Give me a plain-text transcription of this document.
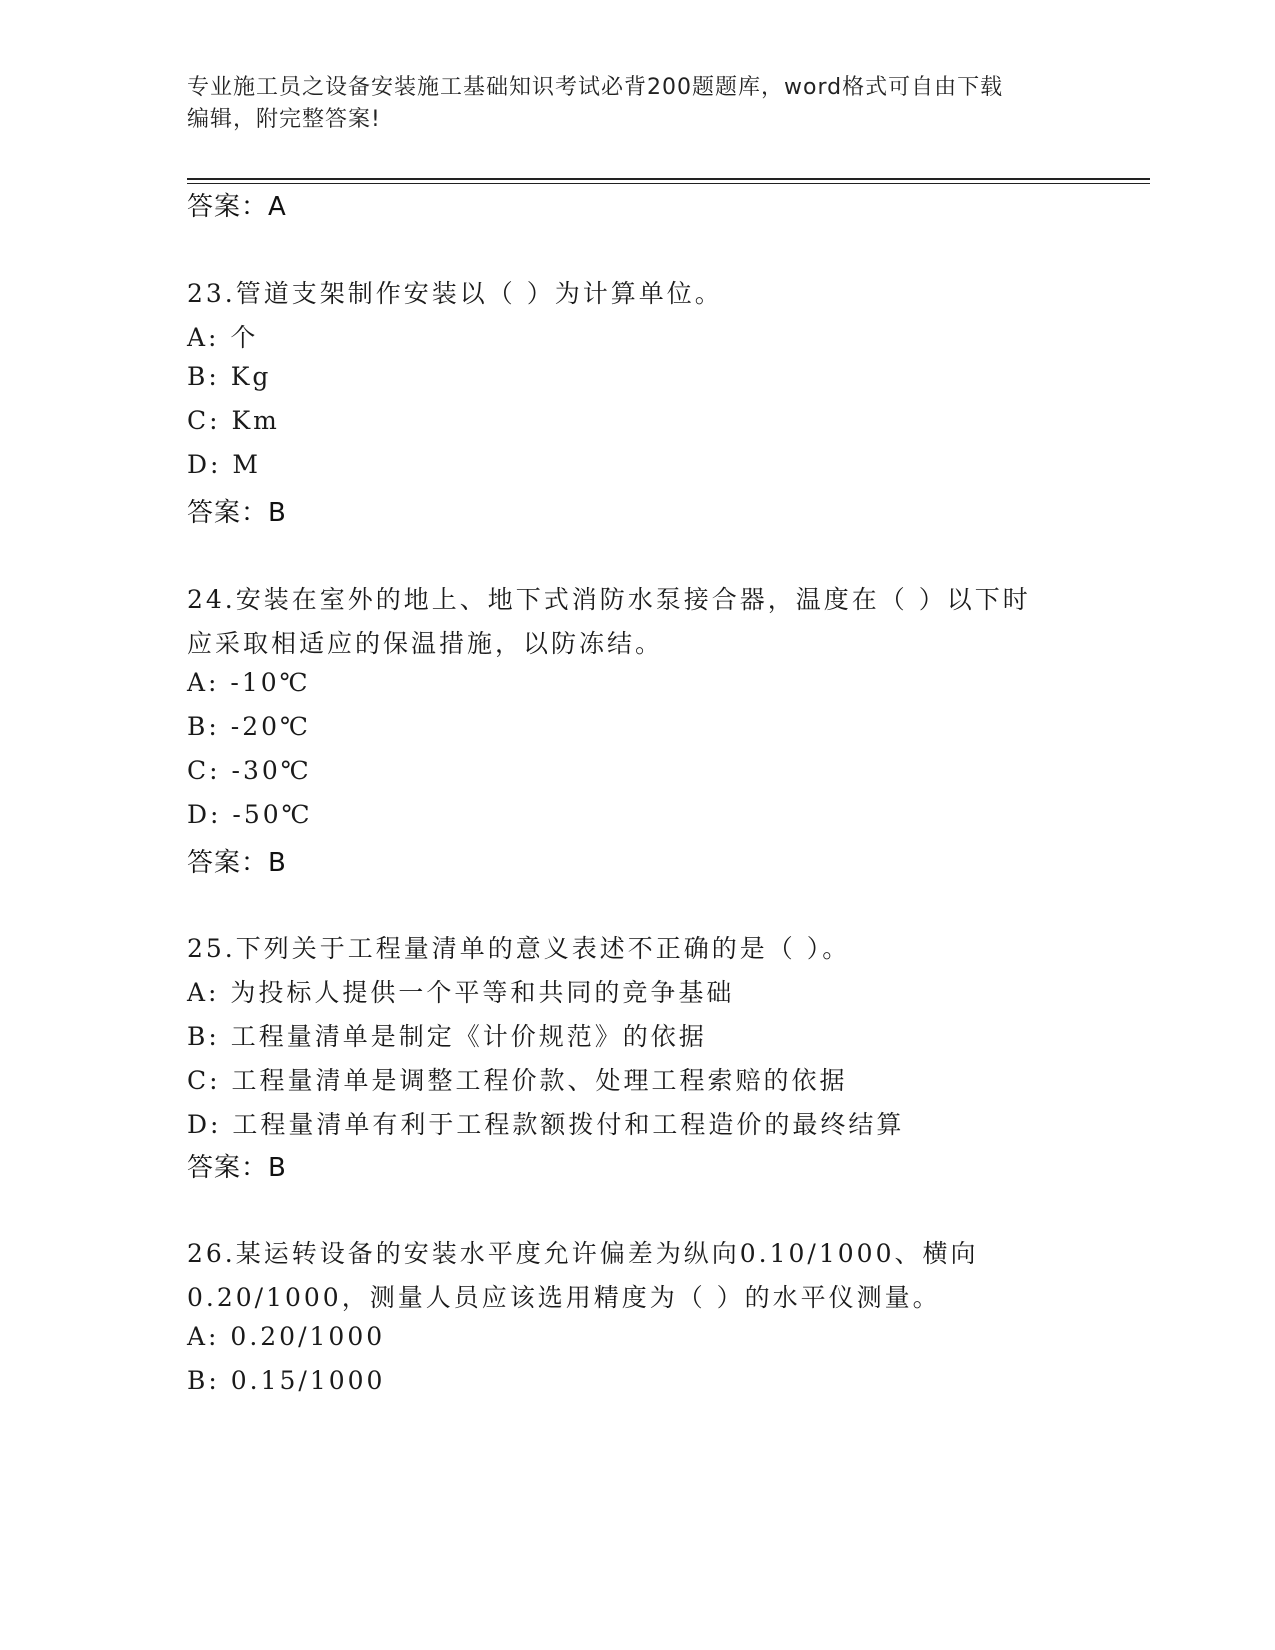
专业施工员之设备安装施工基础知识考试必背200题题库，word格式可自由下载
编辑，附完整答案!
答案：A
23.管道支架制作安装以（ ）为计算单位。
A: 个
B: Kg
C: Km
D: M
答案：B
24.安装在室外的地上、地下式消防水泵接合器，温度在（ ）以下时
应采取相适应的保温措施，以防冻结。
A: -10℃
B: -20℃
C: -30℃
D: -50℃
答案：B
25.下列关于工程量清单的意义表述不正确的是（ ）。
A: 为投标人提供一个平等和共同的竞争基础
B: 工程量清单是制定《计价规范》的依据
C: 工程量清单是调整工程价款、处理工程索赔的依据
D: 工程量清单有利于工程款额拨付和工程造价的最终结算
答案：B
26.某运转设备的安装水平度允许偏差为纵向0.10/1000、横向
0.20/1000，测量人员应该选用精度为（ ）的水平仪测量。
A: 0.20/1000
B: 0.15/1000
